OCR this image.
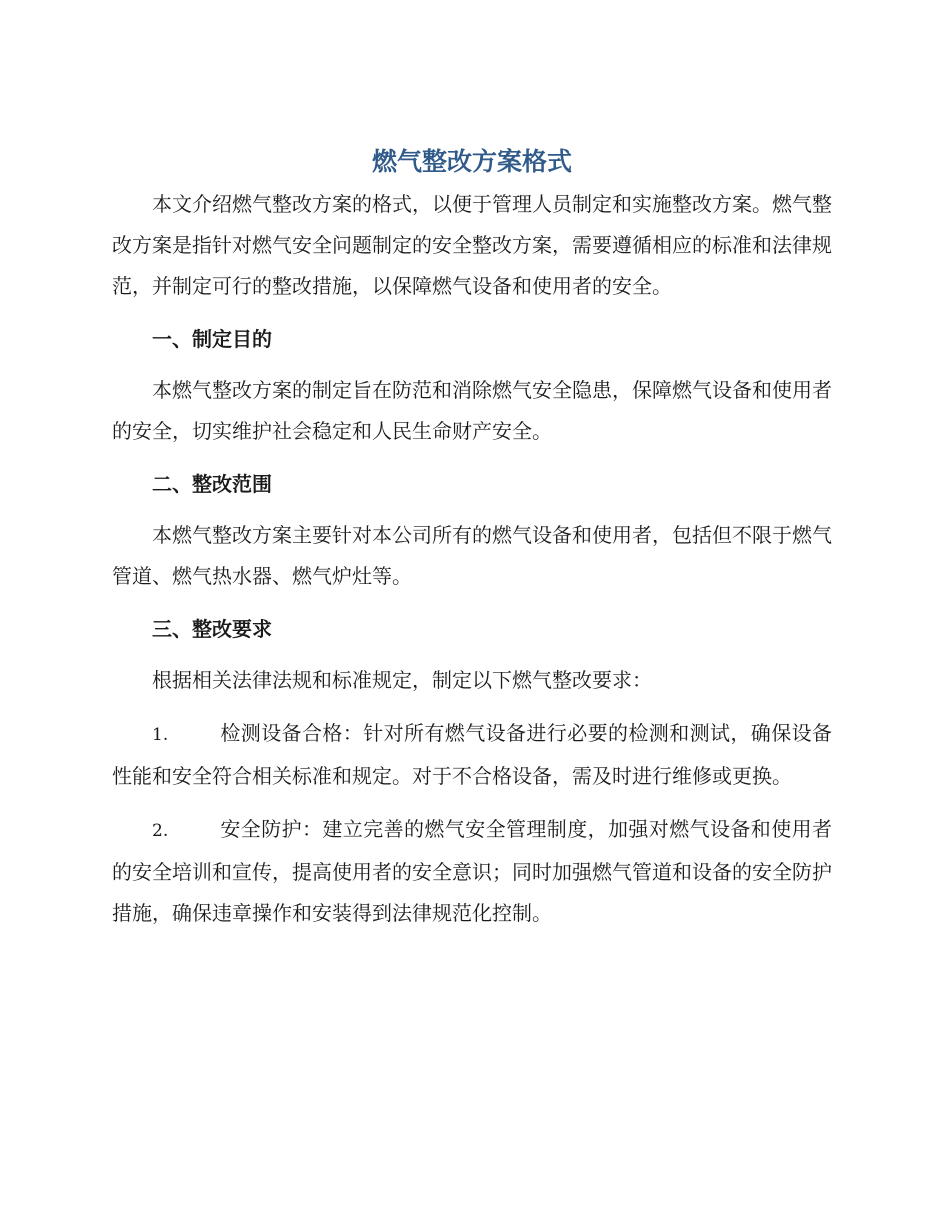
燃气整改方案格式

本文介绍燃气整改方案的格式，以便于管理人员制定和实施整改方案。燃气整改方案是指针对燃气安全问题制定的安全整改方案，需要遵循相应的标准和法律规范，并制定可行的整改措施，以保障燃气设备和使用者的安全。

一、制定目的

本燃气整改方案的制定旨在防范和消除燃气安全隐患，保障燃气设备和使用者的安全，切实维护社会稳定和人民生命财产安全。

二、整改范围

本燃气整改方案主要针对本公司所有的燃气设备和使用者，包括但不限于燃气管道、燃气热水器、燃气炉灶等。

三、整改要求

根据相关法律法规和标准规定，制定以下燃气整改要求：

1.	检测设备合格：针对所有燃气设备进行必要的检测和测试，确保设备性能和安全符合相关标准和规定。对于不合格设备，需及时进行维修或更换。

2.	安全防护：建立完善的燃气安全管理制度，加强对燃气设备和使用者的安全培训和宣传，提高使用者的安全意识；同时加强燃气管道和设备的安全防护措施，确保违章操作和安装得到法律规范化控制。
